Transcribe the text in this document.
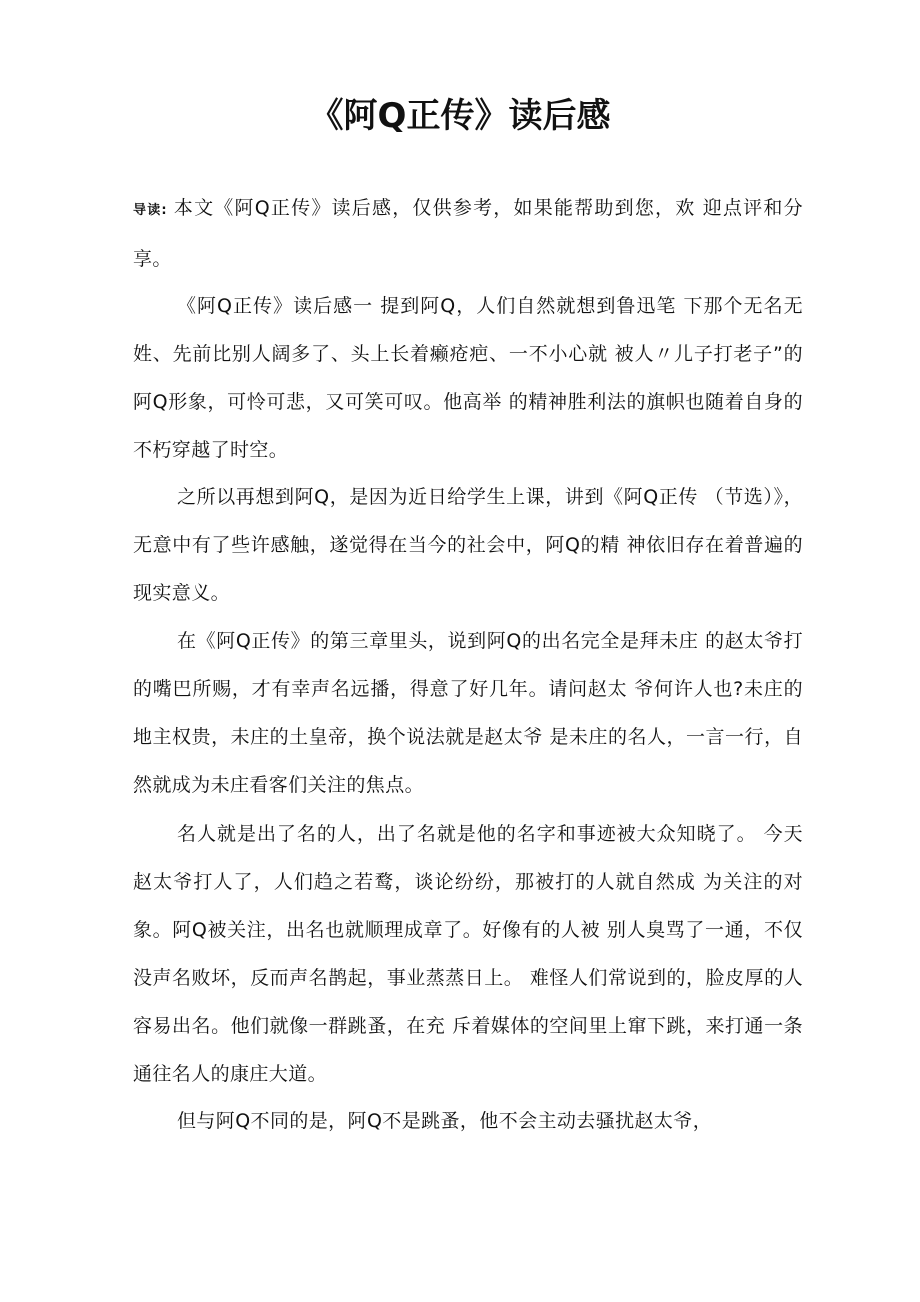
《阿Q正传》读后感
导读: 本文《阿Q正传》读后感，仅供参考，如果能帮助到您，欢 迎点评和分享。
《阿Q正传》读后感一 提到阿Q，人们自然就想到鲁迅笔 下那个无名无姓、先前比别人阔多了、头上长着癞疮疤、一不小心就 被人〃儿子打老子”的阿Q形象，可怜可悲，又可笑可叹。他高举 的精神胜利法的旗帜也随着自身的不朽穿越了时空。
之所以再想到阿Q，是因为近日给学生上课，讲到《阿Q正传 （节选）》，无意中有了些许感触，遂觉得在当今的社会中，阿Q的精 神依旧存在着普遍的现实意义。
在《阿Q正传》的第三章里头，说到阿Q的出名完全是拜未庄 的赵太爷打的嘴巴所赐，才有幸声名远播，得意了好几年。请问赵太 爷何许人也?未庄的地主权贵，未庄的土皇帝，换个说法就是赵太爷 是未庄的名人，一言一行，自然就成为未庄看客们关注的焦点。
名人就是出了名的人，出了名就是他的名字和事迹被大众知晓了。 今天赵太爷打人了，人们趋之若鹜，谈论纷纷，那被打的人就自然成 为关注的对象。阿Q被关注，出名也就顺理成章了。好像有的人被 别人臭骂了一通，不仅没声名败坏，反而声名鹊起，事业蒸蒸日上。 难怪人们常说到的，脸皮厚的人容易出名。他们就像一群跳蚤，在充 斥着媒体的空间里上窜下跳，来打通一条通往名人的康庄大道。
但与阿Q不同的是，阿Q不是跳蚤，他不会主动去骚扰赵太爷，
